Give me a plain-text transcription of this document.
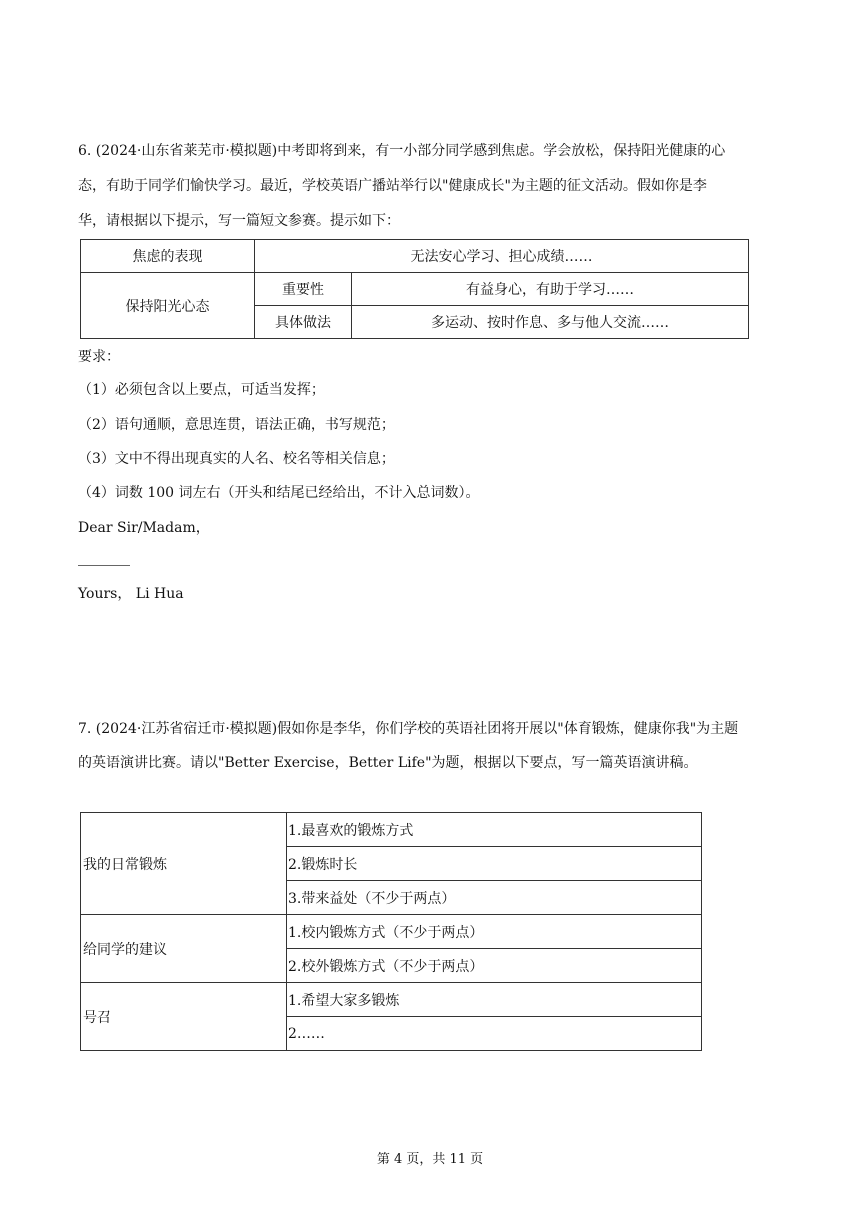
6. (2024·山东省莱芜市·模拟题)中考即将到来，有一小部分同学感到焦虑。学会放松，保持阳光健康的心
态，有助于同学们愉快学习。最近，学校英语广播站举行以"健康成长"为主题的征文活动。假如你是李
华，请根据以下提示，写一篇短文参赛。提示如下：
焦虑的表现	无法安心学习、担心成绩……	
保持阳光心态	重要性	有益身心，有助于学习……
	具体做法	多运动、按时作息、多与他人交流……
要求：
（1）必须包含以上要点，可适当发挥；
（2）语句通顺，意思连贯，语法正确，书写规范；
（3）文中不得出现真实的人名、校名等相关信息；
（4）词数 100 词左右（开头和结尾已经给出，不计入总词数）。
Dear Sir/Madam，
Yours， Li Hua
7. (2024·江苏省宿迁市·模拟题)假如你是李华，你们学校的英语社团将开展以"体育锻炼，健康你我"为主题
的英语演讲比赛。请以"Better Exercise，Better Life"为题，根据以下要点，写一篇英语演讲稿。
我的日常锻炼	1.最喜欢的锻炼方式
	2.锻炼时长
	3.带来益处（不少于两点）
给同学的建议	1.校内锻炼方式（不少于两点）
	2.校外锻炼方式（不少于两点）
号召	1.希望大家多锻炼
	2……
第 4 页，共 11 页
